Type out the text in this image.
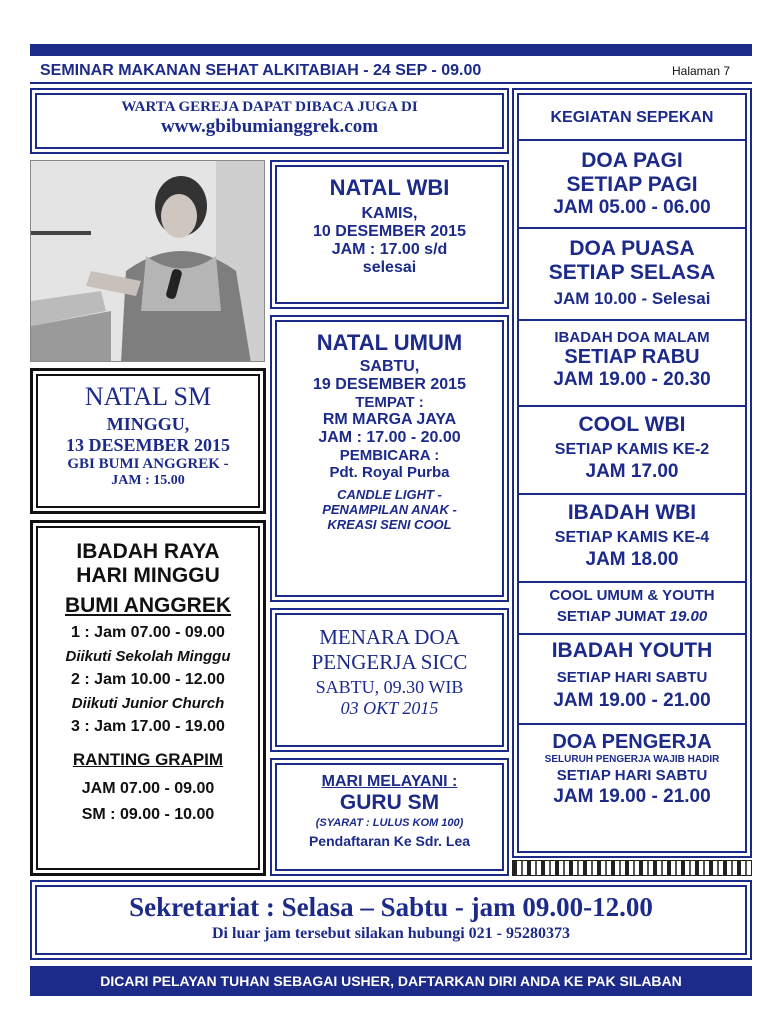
SEMINAR MAKANAN SEHAT ALKITABIAH - 24 SEP - 09.00	Halaman 7
WARTA GEREJA DAPAT DIBACA JUGA DI
www.gbibumianggrek.com
NATAL SM
MINGGU,
13 DESEMBER 2015
GBI BUMI ANGGREK -
JAM : 15.00
IBADAH RAYA
HARI MINGGU
BUMI ANGGREK
1 : Jam 07.00 - 09.00
Diikuti Sekolah Minggu
2 : Jam 10.00 - 12.00
Diikuti Junior Church
3 : Jam 17.00 - 19.00
RANTING GRAPIM
JAM 07.00 - 09.00
SM : 09.00 - 10.00
NATAL WBI
KAMIS,
10 DESEMBER 2015
JAM : 17.00 s/d
selesai
NATAL UMUM
SABTU,
19 DESEMBER 2015
TEMPAT :
RM MARGA JAYA
JAM : 17.00 - 20.00
PEMBICARA :
Pdt. Royal Purba
CANDLE LIGHT -
PENAMPILAN ANAK -
KREASI SENI COOL
MENARA DOA
PENGERJA SICC
SABTU, 09.30 WIB
03 OKT 2015
MARI MELAYANI :
GURU SM
(SYARAT : LULUS KOM 100)
Pendaftaran Ke Sdr. Lea
KEGIATAN SEPEKAN
DOA PAGI
SETIAP PAGI
JAM 05.00 - 06.00
DOA PUASA
SETIAP SELASA
JAM 10.00 - Selesai
IBADAH DOA MALAM
SETIAP RABU
JAM 19.00 - 20.30
COOL WBI
SETIAP KAMIS KE-2
JAM 17.00
IBADAH WBI
SETIAP KAMIS KE-4
JAM 18.00
COOL UMUM & YOUTH
SETIAP JUMAT 19.00
IBADAH YOUTH
SETIAP HARI SABTU
JAM 19.00 - 21.00
DOA PENGERJA
SELURUH PENGERJA WAJIB HADIR
SETIAP HARI SABTU
JAM 19.00 - 21.00
Sekretariat : Selasa – Sabtu - jam 09.00-12.00
Di luar jam tersebut silakan hubungi 021 - 95280373
DICARI PELAYAN TUHAN SEBAGAI USHER, DAFTARKAN DIRI ANDA KE PAK SILABAN
